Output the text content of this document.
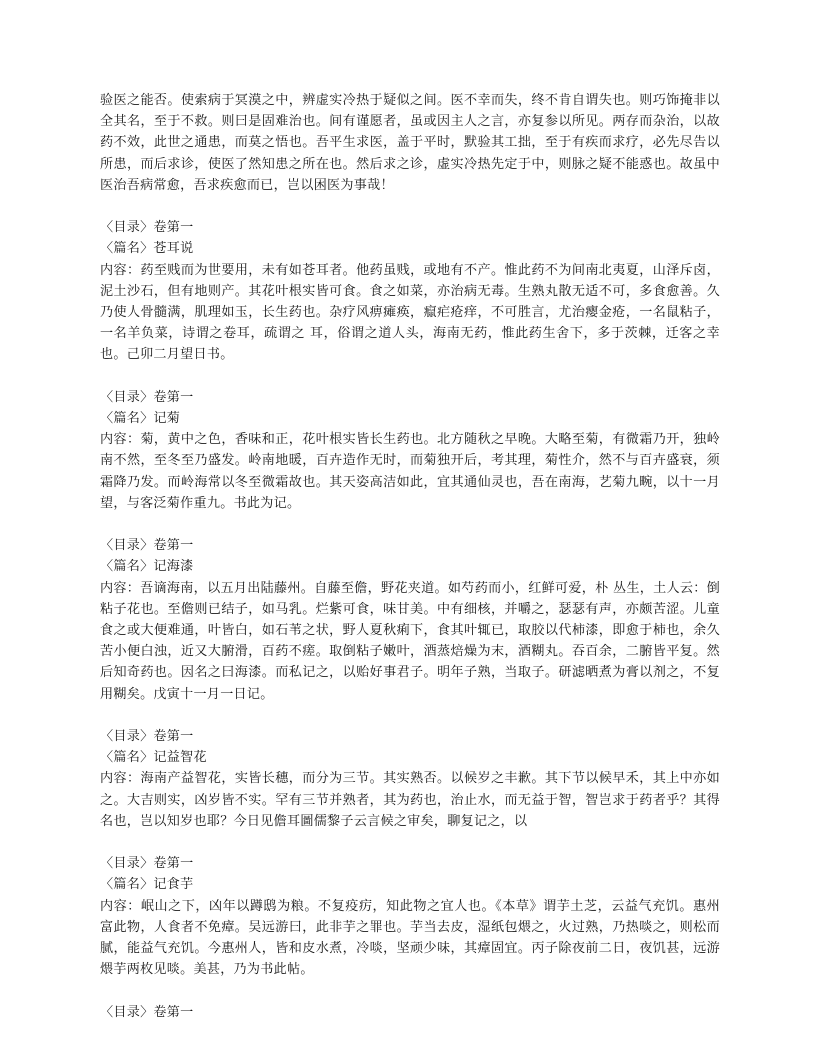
验医之能否。使索病于冥漠之中，辨虚实冷热于疑似之间。医不幸而失，终不肯自谓失也。则巧饰掩非以全其名，至于不救。则曰是固难治也。间有谨愿者，虽或因主人之言，亦复参以所见。两存而杂治，以故药不效，此世之通患，而莫之悟也。吾平生求医，盖于平时，默验其工拙，至于有疾而求疗，必先尽告以所患，而后求诊，使医了然知患之所在也。然后求之诊，虚实冷热先定于中，则脉之疑不能惑也。故虽中医治吾病常愈，吾求疾愈而已，岂以困医为事哉！

〈目录〉卷第一

〈篇名〉苍耳说

内容：药至贱而为世要用，未有如苍耳者。他药虽贱，或地有不产。惟此药不为间南北夷夏，山泽斥卤，泥土沙石，但有地则产。其花叶根实皆可食。食之如菜，亦治病无毒。生熟丸散无适不可，多食愈善。久乃使人骨髓满，肌理如玉，长生药也。杂疗风痹瘫痪，癙疟疮痒，不可胜言，尤治瘿金疮，一名鼠粘子，一名羊负菜，诗谓之卷耳，疏谓之 耳，俗谓之道人头，海南无药，惟此药生舍下，多于茨棘，迁客之幸也。己卯二月望日书。

〈目录〉卷第一

〈篇名〉记菊

内容：菊，黄中之色，香味和正，花叶根实皆长生药也。北方随秋之早晚。大略至菊，有微霜乃开，独岭南不然，至冬至乃盛发。岭南地暖，百卉造作无时，而菊独开后，考其理，菊性介，然不与百卉盛衰，须霜降乃发。而岭海常以冬至微霜故也。其天姿高洁如此，宜其通仙灵也，吾在南海，艺菊九畹，以十一月望，与客泛菊作重九。书此为记。

〈目录〉卷第一

〈篇名〉记海漆

内容：吾谪海南，以五月出陆藤州。自藤至儋，野花夹道。如芍药而小，红鲜可爱，朴 丛生，土人云：倒粘子花也。至儋则已结子，如马乳。烂紫可食，味甘美。中有细核，并嚼之，瑟瑟有声，亦颇苦涩。儿童食之或大便难通，叶皆白，如石苇之状，野人夏秋痢下，食其叶辄已，取胶以代柿漆，即愈于柿也，余久苦小便白浊，近又大腑滑，百药不瘥。取倒粘子嫩叶，酒蒸焙燥为末，酒糊丸。吞百余，二腑皆平复。然后知奇药也。因名之曰海漆。而私记之，以贻好事君子。明年子熟，当取子。研滤晒煮为膏以剂之，不复用糊矣。戊寅十一月一日记。

〈目录〉卷第一

〈篇名〉记益智花

内容：海南产益智花，实皆长穗，而分为三节。其实熟否。以候岁之丰歉。其下节以候早禾，其上中亦如之。大吉则实，凶岁皆不实。罕有三节并熟者，其为药也，治止水，而无益于智，智岂求于药者乎？其得名也，岂以知岁也耶？今日见儋耳圖儒黎子云言候之审矣，聊复记之，以

〈目录〉卷第一

〈篇名〉记食芋

内容：岷山之下，凶年以蹲鸱为粮。不复疫疠，知此物之宜人也。《本草》谓芋土芝，云益气充饥。惠州富此物，人食者不免瘴。吴远游曰，此非芋之罪也。芋当去皮，湿纸包煨之，火过熟，乃热啖之，则松而腻，能益气充饥。今惠州人，皆和皮水煮，冷啖，坚顽少味，其瘴固宜。丙子除夜前二日，夜饥甚，远游煨芋两枚见啖。美甚，乃为书此帖。

〈目录〉卷第一
